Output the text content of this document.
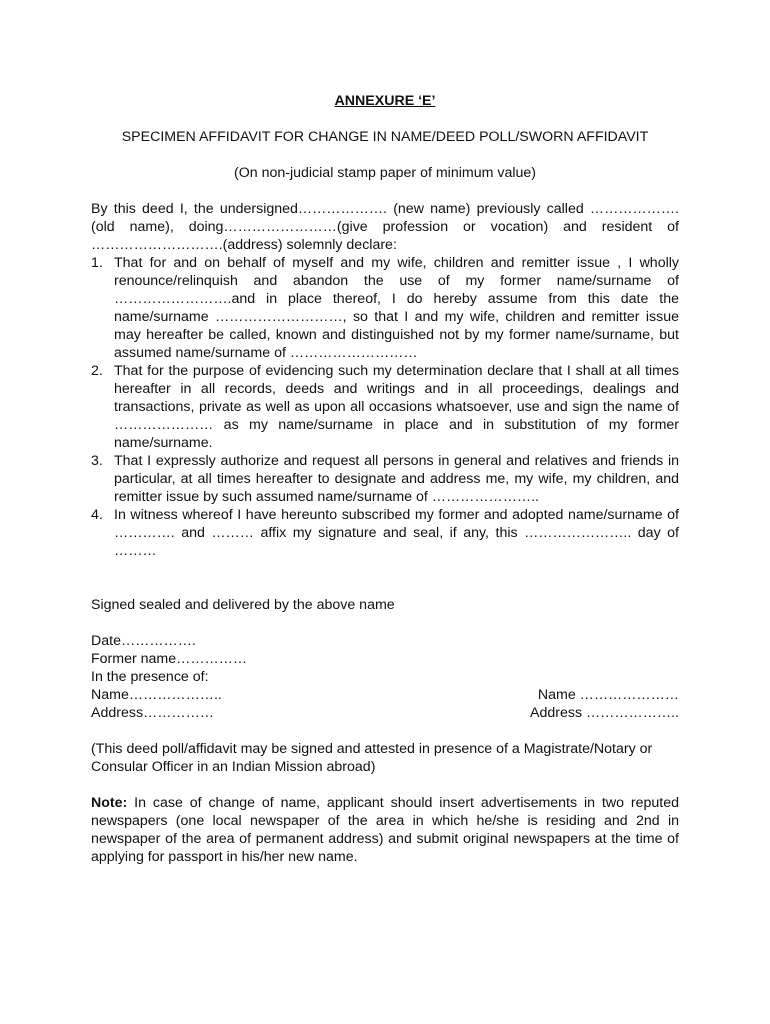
ANNEXURE ‘E’

SPECIMEN AFFIDAVIT FOR CHANGE IN NAME/DEED POLL/SWORN AFFIDAVIT

(On non-judicial stamp paper of minimum value)

By this deed I, the undersigned………………. (new name) previously called ………………. (old name), doing……………………(give profession or vocation) and resident of ……………………….(address) solemnly declare:

1. That for and on behalf of myself and my wife, children and remitter issue , I wholly renounce/relinquish and abandon the use of my former name/surname of …………………….and in place thereof, I do hereby assume from this date the name/surname ………………………, so that I and my wife, children and remitter issue may hereafter be called, known and distinguished not by my former name/surname, but assumed name/surname of ………………………
2. That for the purpose of evidencing such my determination declare that I shall at all times hereafter in all records, deeds and writings and in all proceedings, dealings and transactions, private as well as upon all occasions whatsoever, use and sign the name of ………………… as my name/surname in place and in substitution of my former name/surname.
3. That I expressly authorize and request all persons in general and relatives and friends in particular, at all times hereafter to designate and address me, my wife, my children, and remitter issue by such assumed name/surname of …………………..
4. In witness whereof I have hereunto subscribed my former and adopted name/surname of …………. and ……… affix my signature and seal, if any, this ………………….. day of ………

Signed sealed and delivered by the above name

Date…………….
Former name……………
In the presence of:
Name………………..	Name …………………
Address……………	Address ………………..

(This deed poll/affidavit may be signed and attested in presence of a Magistrate/Notary or Consular Officer in an Indian Mission abroad)

Note: In case of change of name, applicant should insert advertisements in two reputed newspapers (one local newspaper of the area in which he/she is residing and 2nd in newspaper of the area of permanent address) and submit original newspapers at the time of applying for passport in his/her new name.
